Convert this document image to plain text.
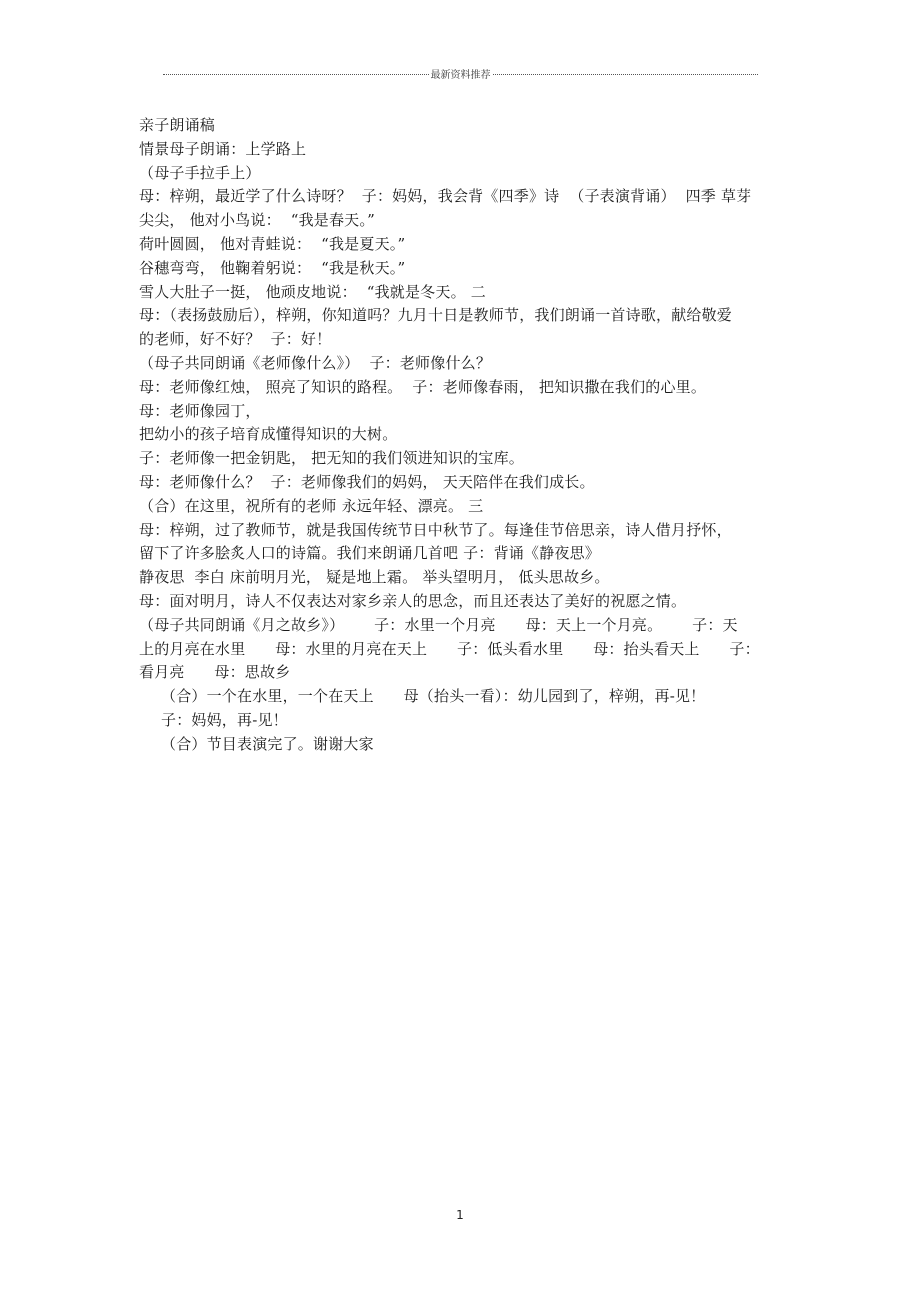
最新资料推荐
亲子朗诵稿
情景母子朗诵：上学路上
（母子手拉手上）
母：梓朔，最近学了什么诗呀？  子：妈妈，我会背《四季》诗  （子表演背诵）  四季 草芽
尖尖， 他对小鸟说：  “我是春天。”
荷叶圆圆， 他对青蛙说：  “我是夏天。”
谷穗弯弯， 他鞠着躬说：  “我是秋天。”
雪人大肚子一挺， 他顽皮地说：  “我就是冬天。 二
母：（表扬鼓励后），梓朔，你知道吗？九月十日是教师节，我们朗诵一首诗歌，献给敬爱
的老师，好不好？  子：好！
（母子共同朗诵《老师像什么》）  子：老师像什么？
母：老师像红烛， 照亮了知识的路程。  子：老师像春雨， 把知识撒在我们的心里。
母：老师像园丁，
把幼小的孩子培育成懂得知识的大树。
子：老师像一把金钥匙， 把无知的我们领进知识的宝库。
母：老师像什么？  子：老师像我们的妈妈， 天天陪伴在我们成长。
（合）在这里，祝所有的老师 永远年轻、漂亮。 三
母：梓朔，过了教师节，就是我国传统节日中秋节了。每逢佳节倍思亲，诗人借月抒怀，
留下了许多脍炙人口的诗篇。我们来朗诵几首吧 子：背诵《静夜思》
静夜思  李白 床前明月光， 疑是地上霜。 举头望明月， 低头思故乡。
母：面对明月，诗人不仅表达对家乡亲人的思念，而且还表达了美好的祝愿之情。
（母子共同朗诵《月之故乡》）      子：水里一个月亮      母：天上一个月亮。      子：天
上的月亮在水里      母：水里的月亮在天上      子：低头看水里      母：抬头看天上      子：
看月亮      母：思故乡
（合）一个在水里，一个在天上      母（抬头一看）：幼儿园到了，梓朔，再-见！
子：妈妈，再-见！
（合）节目表演完了。谢谢大家
1
